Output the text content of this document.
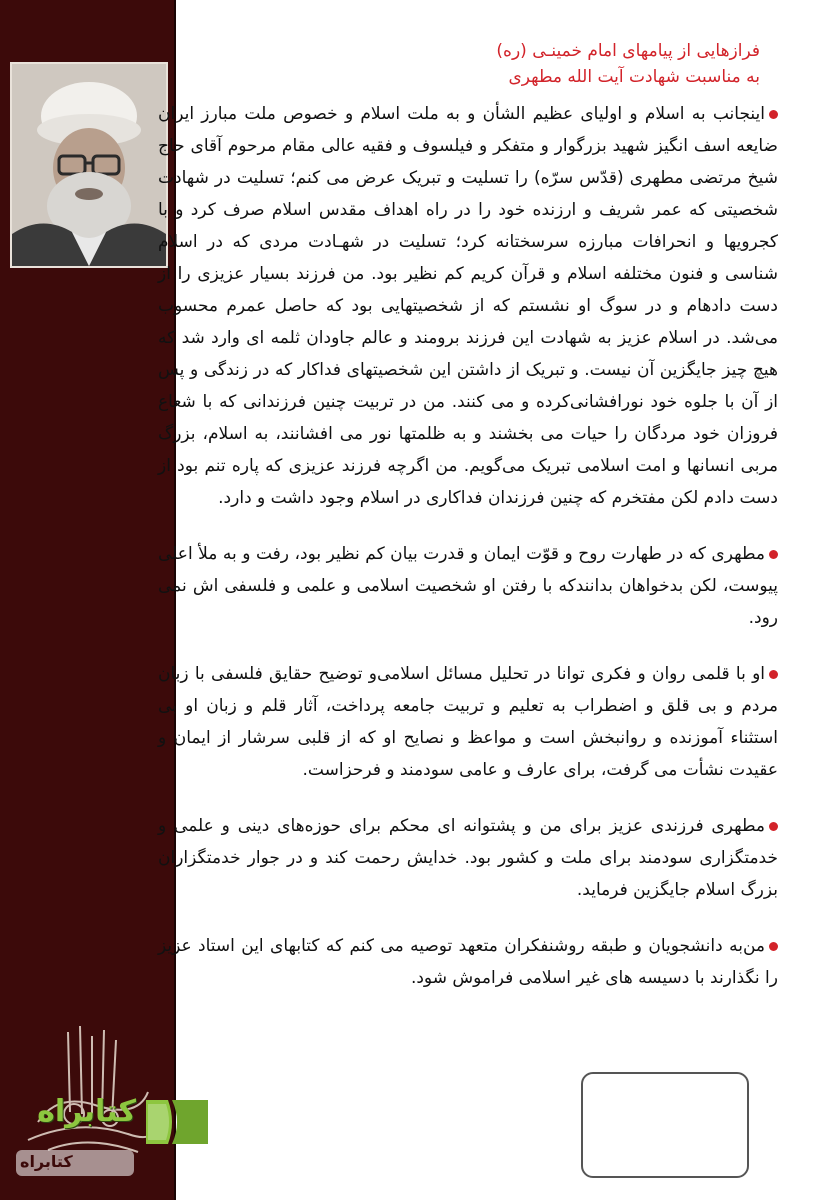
کتابراه
کتابراه
فرازهایی از پیامهای امام خمینـی (ره)
به مناسبت شهادت آیت الله مطهری

اینجانب به اسلام و اولیای عظیم الشأن و به ملت اسلام و خصوص ملت مبارز ایران ضایعه اسف انگیز شهید بزرگوار و متفکر و فیلسوف و فقیه عالی مقام مرحوم آقای حاج شیخ مرتضی مطهری (قدّس سرّه) را تسلیت و تبریک عرض می کنم؛ تسلیت در شهادت شخصیتی که عمر شریف و ارزنده خود را در راه اهداف مقدس اسلام صرف کرد و با کجرویها و انحرافات مبارزه سرسختانه کرد؛ تسلیت در شهـادت مردی که در اسلام شناسی و فنون مختلفه اسلام و قرآن کریم کم نظیر بود. من فرزند بسیار عزیزی را از دست دادهام و در سوگ او نشستم که از شخصیتهایی بود که حاصل عمرم محسوب می‌شد. در اسلام عزیز به شهادت این فرزند برومند و عالم جاودان ثلمه ای وارد شد که هیچ چیز جایگزین آن نیست. و تبریک از داشتن این شخصیتهای فداکار که در زندگی و پس از آن با جلوه خود نورافشانی‌کرده و می کنند. من در تربیت چنین فرزندانی که با شعاع فروزان خود مردگان را حیات می بخشند و به ظلمتها نور می افشانند، به اسلام، بزرگ مربی انسانها و امت اسلامی تبریک می‌گویم. من اگرچه فرزند عزیزی که پاره تنم بود از دست دادم لکن مفتخرم که چنین فرزندان فداکاری در اسلام وجود داشت و دارد.

مطهری که در طهارت روح و قوّت ایمان و قدرت بیان کم نظیر بود، رفت و به ملأ اعلی پیوست، لکن بدخواهان بدانندکه با رفتن او شخصیت اسلامی و علمی و فلسفی اش نمی رود.

او با قلمی روان و فکری توانا در تحلیل مسائل اسلامی‌و توضیح حقایق فلسفی با زبان مردم و بی قلق و اضطراب به تعلیم و تربیت جامعه پرداخت، آثار قلم و زبان او بی استثناء آموزنده و روانبخش است و مواعظ و نصایح او که از قلبی سرشار از ایمان و عقیدت نشأت می گرفت، برای عارف و عامی سودمند و فرحزاست.

مطهری فرزندی عزیز برای من و پشتوانه ای محکم برای حوزه‌های دینی و علمی و خدمتگزاری سودمند برای ملت و کشور بود. خدایش رحمت کند و در جوار خدمتگزاران بزرگ اسلام جایگزین فرماید.

من‌به دانشجویان و طبقه روشنفکران متعهد توصیه می کنم که کتابهای این استاد عزیز را نگذارند با دسیسه های غیر اسلامی فراموش شود.
